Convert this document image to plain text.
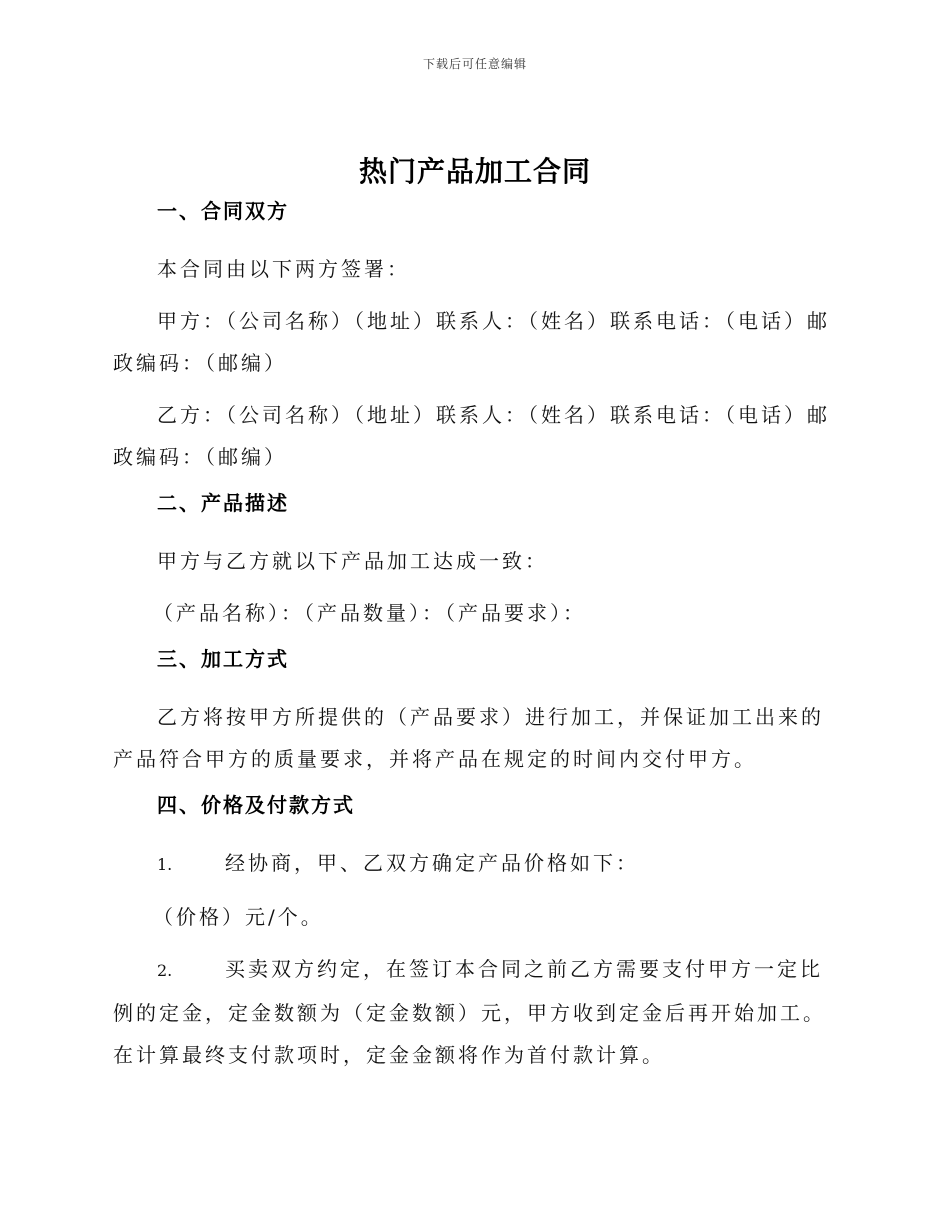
下载后可任意编辑
热门产品加工合同
一、合同双方
本合同由以下两方签署：
甲方：（公司名称）（地址）联系人：（姓名）联系电话：（电话）邮政编码：（邮编）
乙方：（公司名称）（地址）联系人：（姓名）联系电话：（电话）邮政编码：（邮编）
二、产品描述
甲方与乙方就以下产品加工达成一致：
（产品名称）：（产品数量）：（产品要求）：
三、加工方式
乙方将按甲方所提供的（产品要求）进行加工，并保证加工出来的产品符合甲方的质量要求，并将产品在规定的时间内交付甲方。
四、价格及付款方式
1.	经协商，甲、乙双方确定产品价格如下：
（价格）元/个。
2.	买卖双方约定，在签订本合同之前乙方需要支付甲方一定比例的定金，定金数额为（定金数额）元，甲方收到定金后再开始加工。在计算最终支付款项时，定金金额将作为首付款计算。
